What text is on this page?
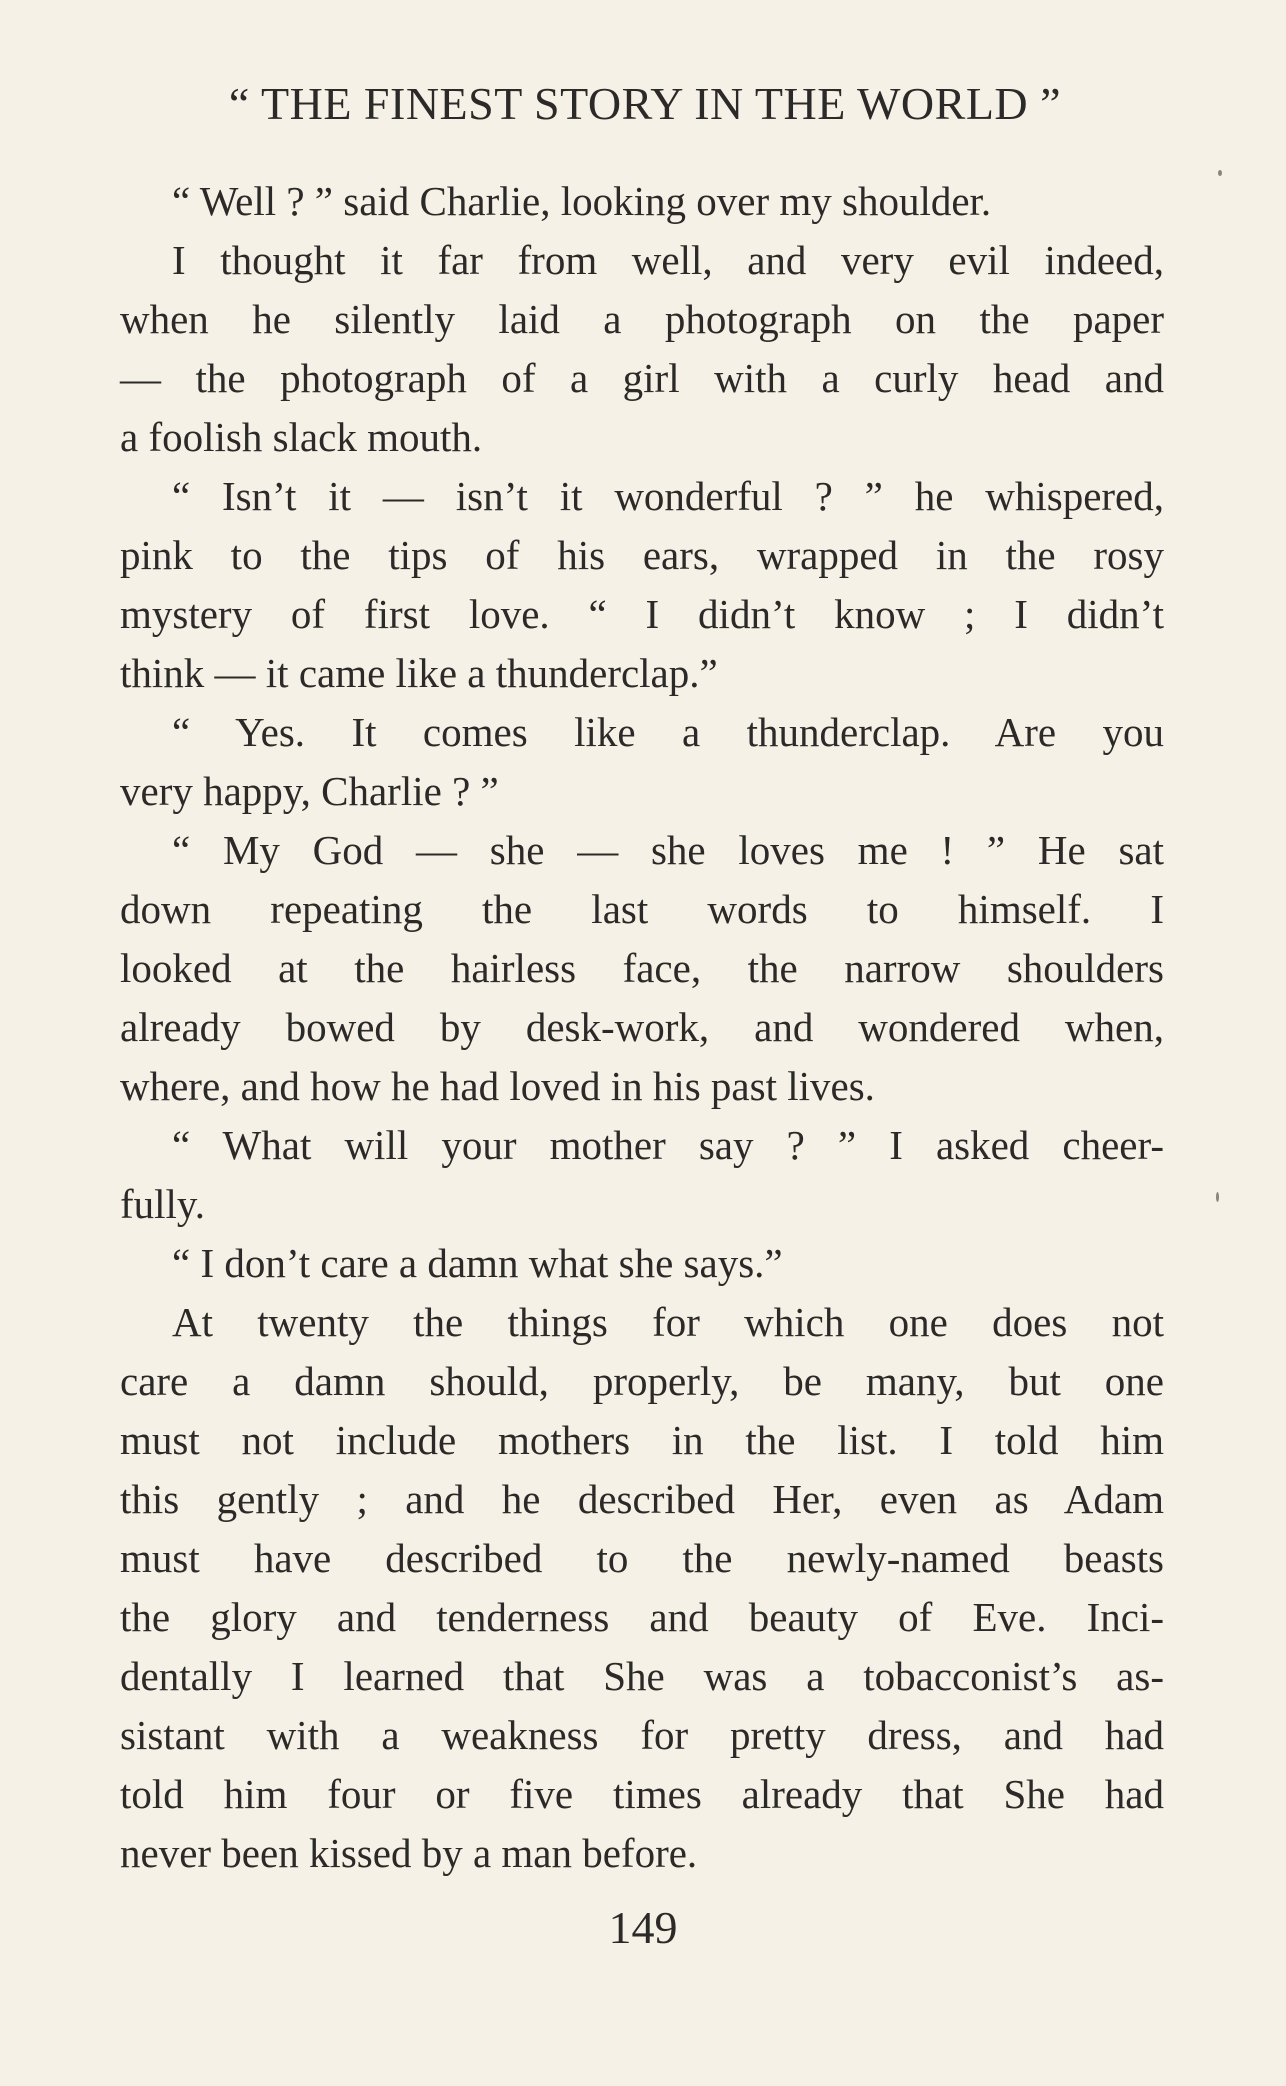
“ THE FINEST STORY IN THE WORLD ”
“ Well ? ” said Charlie, looking over my shoulder.
I thought it far from well, and very evil indeed,
when he silently laid a photograph on the paper
— the photograph of a girl with a curly head and
a foolish slack mouth.
“ Isn’t it — isn’t it wonderful ? ” he whispered,
pink to the tips of his ears, wrapped in the rosy
mystery of first love. “ I didn’t know ; I didn’t
think — it came like a thunderclap.”
“ Yes. It comes like a thunderclap. Are you
very happy, Charlie ? ”
“ My God — she — she loves me ! ” He sat
down repeating the last words to himself. I
looked at the hairless face, the narrow shoulders
already bowed by desk-work, and wondered when,
where, and how he had loved in his past lives.
“ What will your mother say ? ” I asked cheer-
fully.
“ I don’t care a damn what she says.”
At twenty the things for which one does not
care a damn should, properly, be many, but one
must not include mothers in the list. I told him
this gently ; and he described Her, even as Adam
must have described to the newly-named beasts
the glory and tenderness and beauty of Eve. Inci-
dentally I learned that She was a tobacconist’s as-
sistant with a weakness for pretty dress, and had
told him four or five times already that She had
never been kissed by a man before.
149
